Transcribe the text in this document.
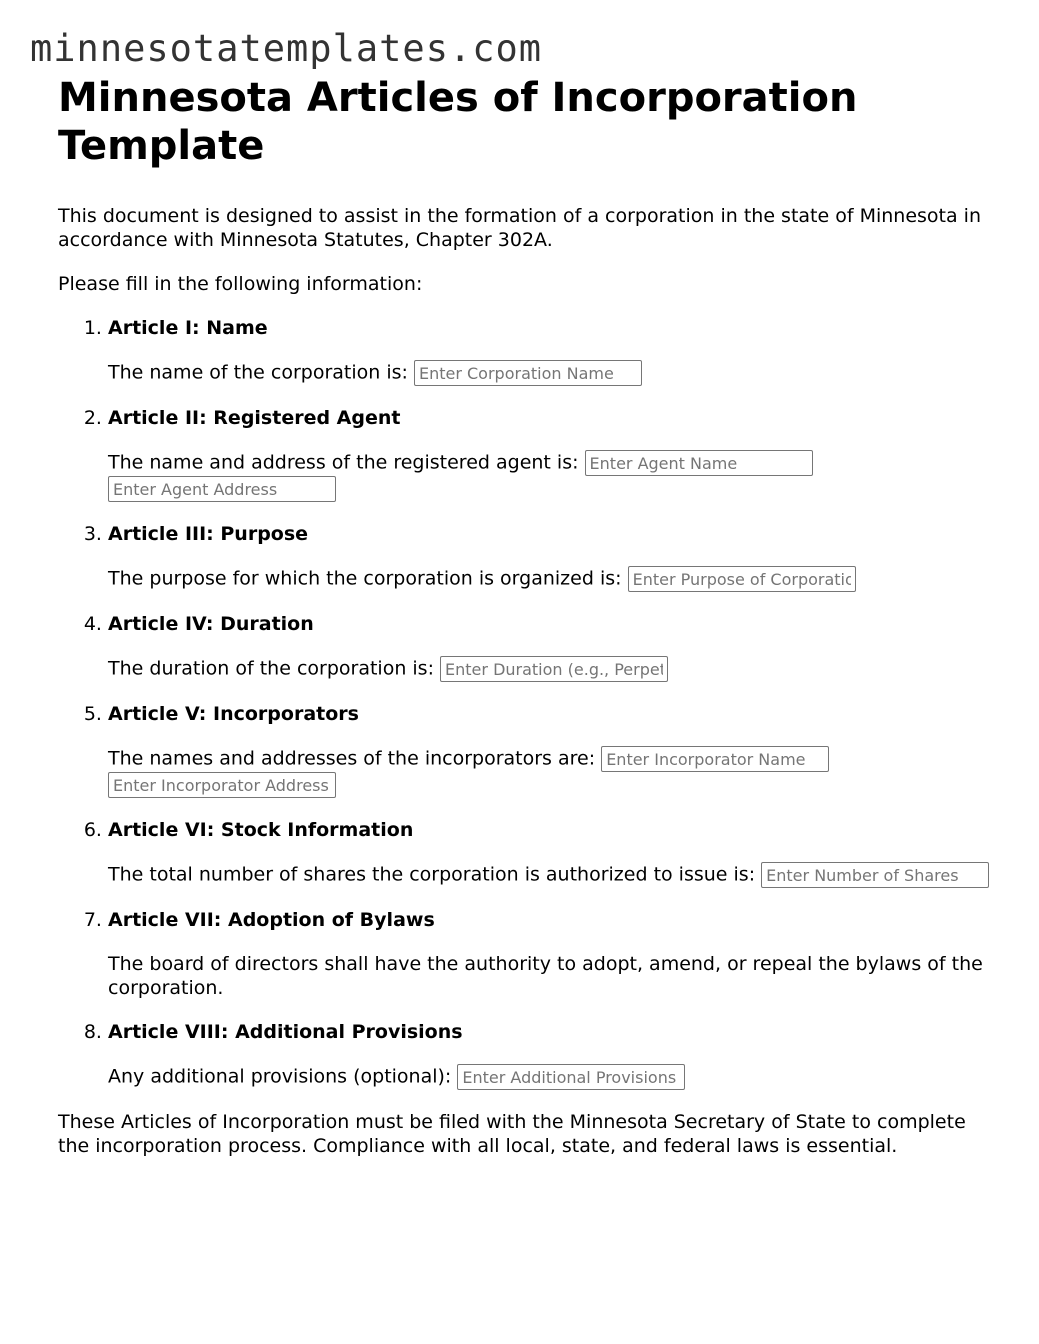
minnesotatemplates.com
Minnesota Articles of Incorporation Template

This document is designed to assist in the formation of a corporation in the state of Minnesota in accordance with Minnesota Statutes, Chapter 302A.

Please fill in the following information:

1. Article I: Name

The name of the corporation is: Enter Corporation Name

2. Article II: Registered Agent

The name and address of the registered agent is: Enter Agent Name Enter Agent Address

3. Article III: Purpose

The purpose for which the corporation is organized is: Enter Purpose of Corporation

4. Article IV: Duration

The duration of the corporation is: Enter Duration (e.g., Perpetual)

5. Article V: Incorporators

The names and addresses of the incorporators are: Enter Incorporator Name Enter Incorporator Address

6. Article VI: Stock Information

The total number of shares the corporation is authorized to issue is: Enter Number of Shares

7. Article VII: Adoption of Bylaws

The board of directors shall have the authority to adopt, amend, or repeal the bylaws of the corporation.

8. Article VIII: Additional Provisions

Any additional provisions (optional): Enter Additional Provisions

These Articles of Incorporation must be filed with the Minnesota Secretary of State to complete the incorporation process. Compliance with all local, state, and federal laws is essential.
